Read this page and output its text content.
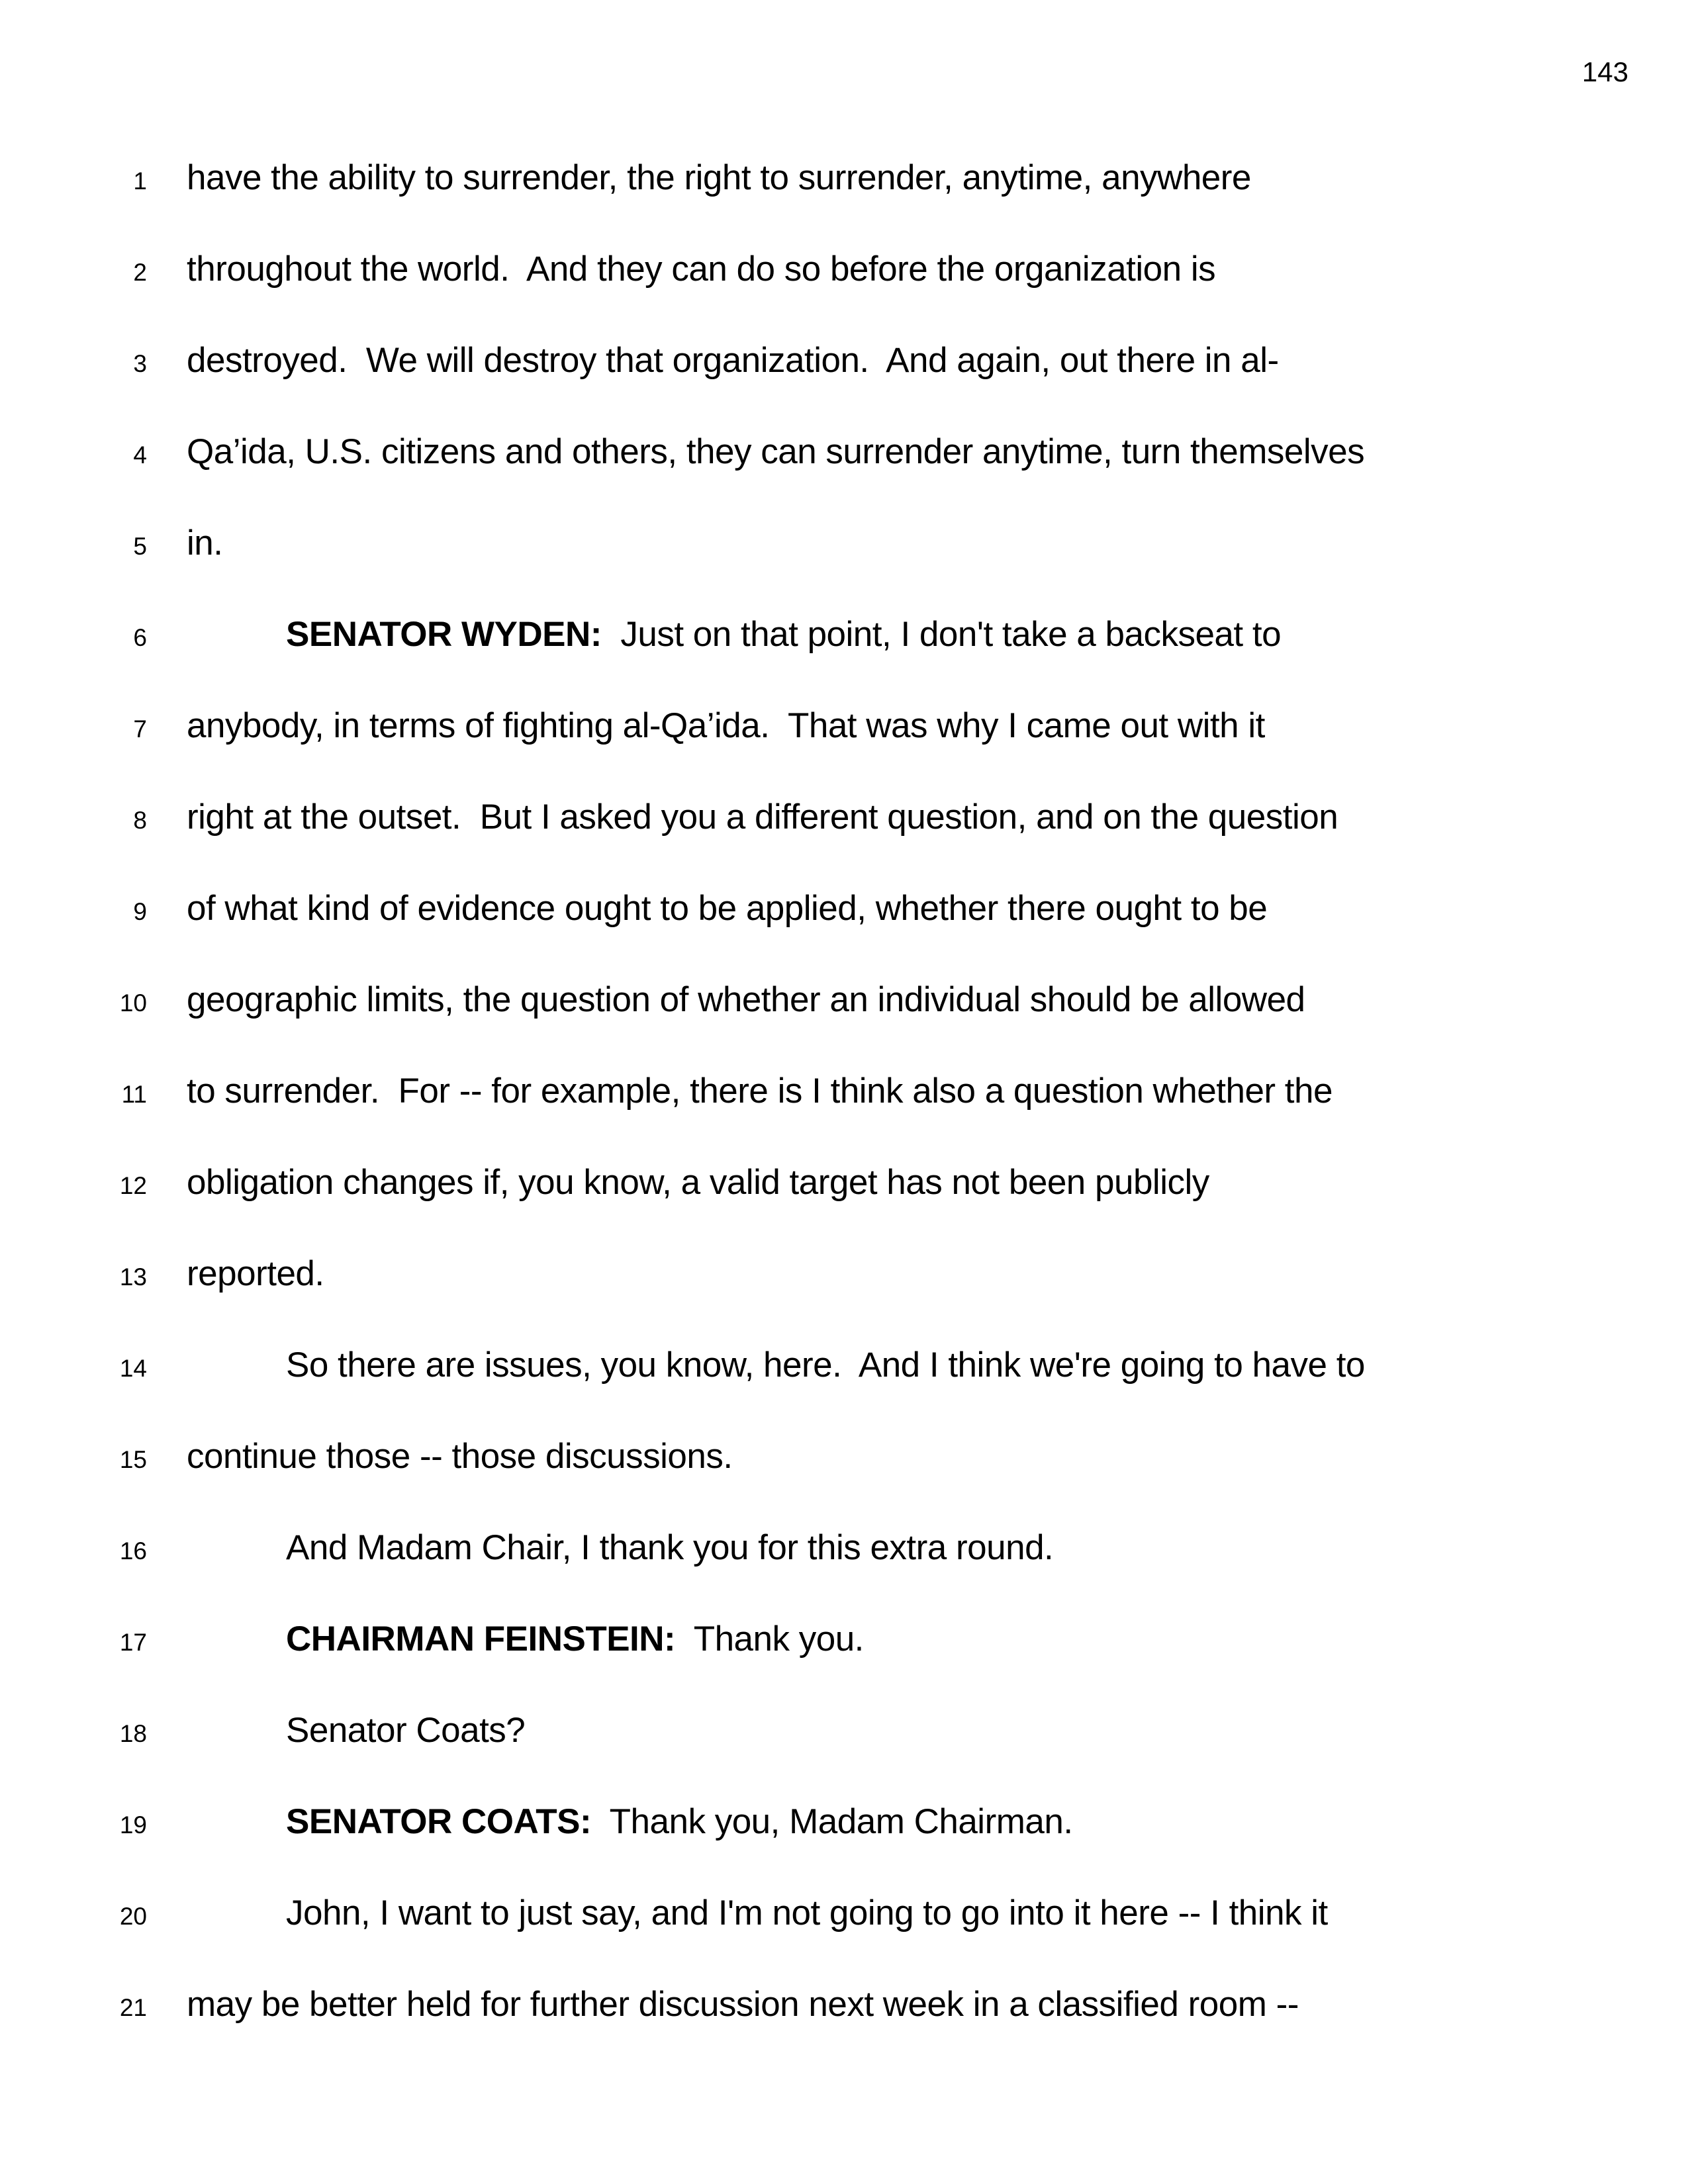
143
1 have the ability to surrender, the right to surrender, anytime, anywhere
2 throughout the world.  And they can do so before the organization is
3 destroyed.  We will destroy that organization.  And again, out there in al-
4 Qa’ida, U.S. citizens and others, they can surrender anytime, turn themselves
5 in.
6	SENATOR WYDEN:  Just on that point, I don't take a backseat to
7 anybody, in terms of fighting al-Qa’ida.  That was why I came out with it
8 right at the outset.  But I asked you a different question, and on the question
9 of what kind of evidence ought to be applied, whether there ought to be
10 geographic limits, the question of whether an individual should be allowed
11 to surrender.  For -- for example, there is I think also a question whether the
12 obligation changes if, you know, a valid target has not been publicly
13 reported.
14	So there are issues, you know, here.  And I think we're going to have to
15 continue those -- those discussions.
16	And Madam Chair, I thank you for this extra round.
17	CHAIRMAN FEINSTEIN:  Thank you.
18	Senator Coats?
19	SENATOR COATS:  Thank you, Madam Chairman.
20	John, I want to just say, and I'm not going to go into it here -- I think it
21 may be better held for further discussion next week in a classified room --
